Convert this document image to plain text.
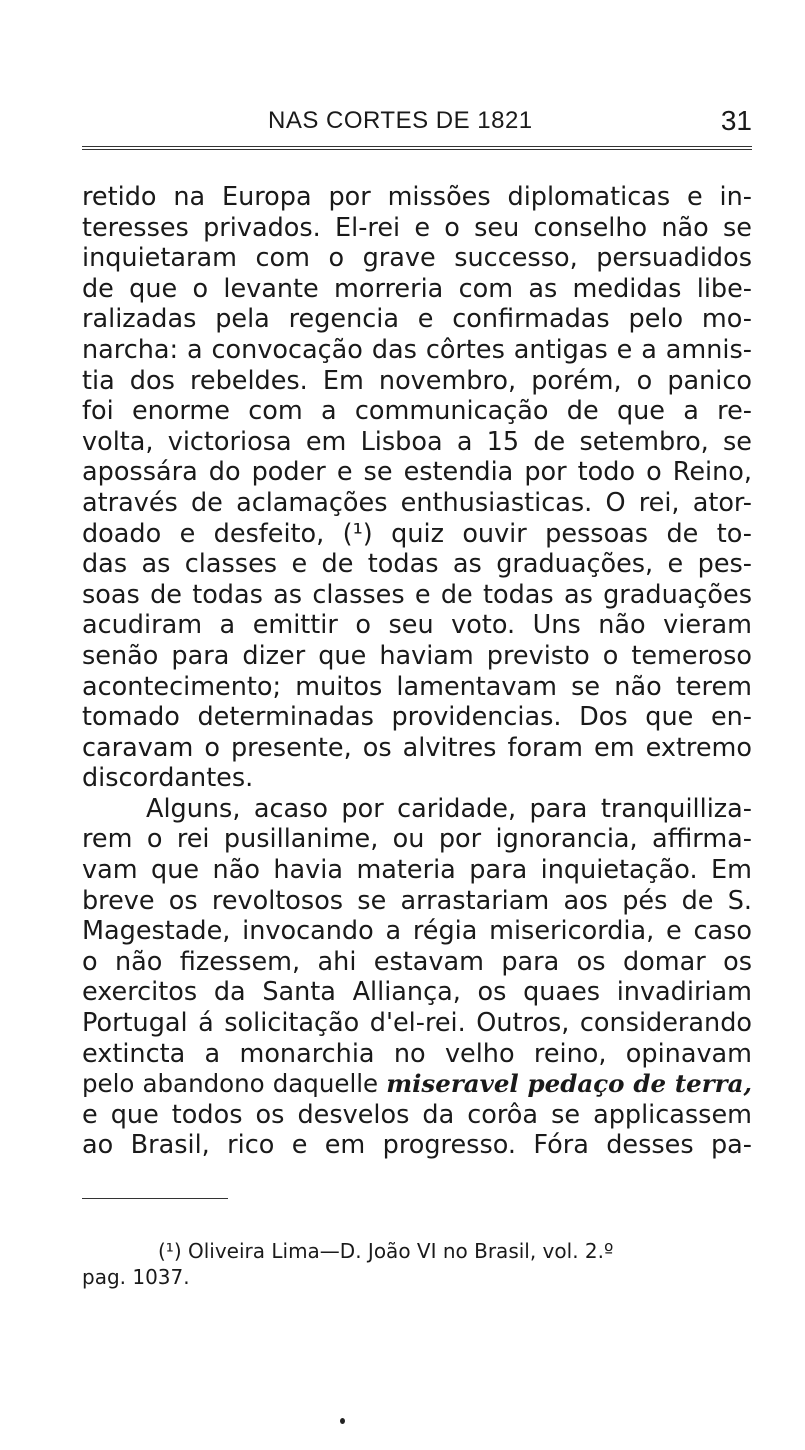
NAS CORTES DE 1821	31

retido na Europa por missões diplomaticas e in-
teresses privados. El-rei e o seu conselho não se
inquietaram com o grave successo, persuadidos
de que o levante morreria com as medidas libe-
ralizadas pela regencia e confirmadas pelo mo-
narcha: a convocação das côrtes antigas e a amnis-
tia dos rebeldes. Em novembro, porém, o panico
foi enorme com a communicação de que a re-
volta, victoriosa em Lisboa a 15 de setembro, se
apossára do poder e se estendia por todo o Reino,
através de aclamações enthusiasticas. O rei, ator-
doado e desfeito, (¹) quiz ouvir pessoas de to-
das as classes e de todas as graduações, e pes-
soas de todas as classes e de todas as graduações
acudiram a emittir o seu voto. Uns não vieram
senão para dizer que haviam previsto o temeroso
acontecimento; muitos lamentavam se não terem
tomado determinadas providencias. Dos que en-
caravam o presente, os alvitres foram em extremo
discordantes.

Alguns, acaso por caridade, para tranquilliza-
rem o rei pusillanime, ou por ignorancia, affirma-
vam que não havia materia para inquietação. Em
breve os revoltosos se arrastariam aos pés de S.
Magestade, invocando a régia misericordia, e caso
o não fizessem, ahi estavam para os domar os
exercitos da Santa Alliança, os quaes invadiriam
Portugal á solicitação d'el-rei. Outros, considerando
extincta a monarchia no velho reino, opinavam
pelo abandono daquelle miseravel pedaço de terra,
e que todos os desvelos da corôa se applicassem
ao Brasil, rico e em progresso. Fóra desses pa-

(¹) Oliveira Lima—D. João VI no Brasil, vol. 2.º
pag. 1037.
